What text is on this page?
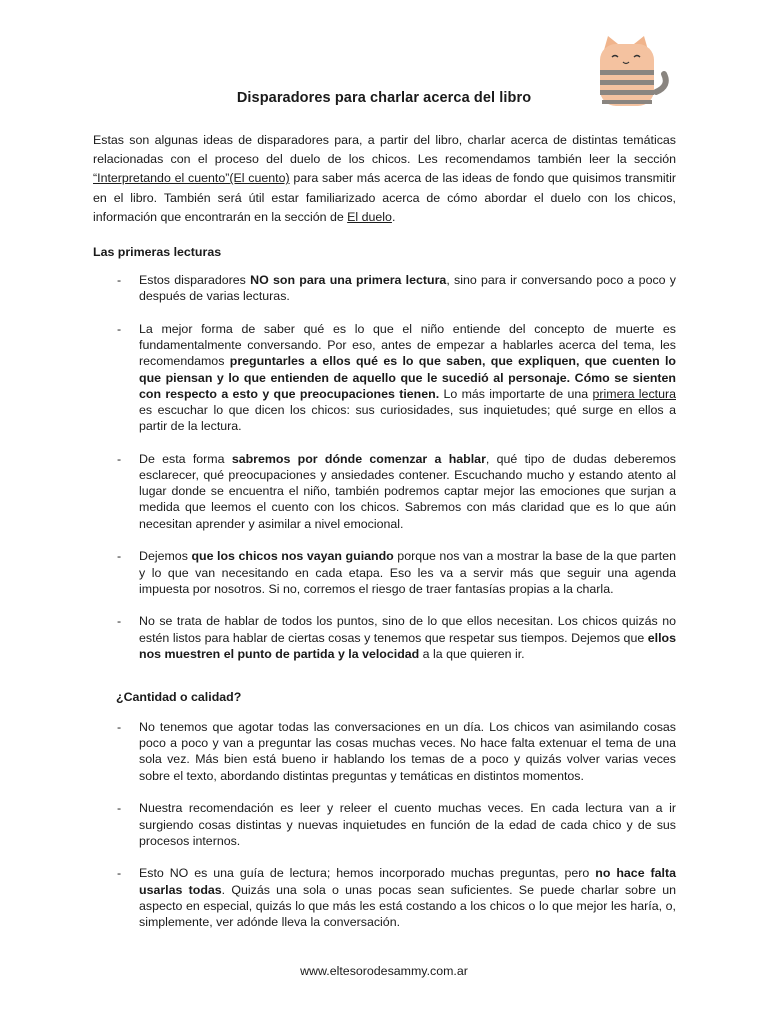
Disparadores para charlar acerca del libro

Estas son algunas ideas de disparadores para, a partir del libro, charlar acerca de distintas temáticas relacionadas con el proceso del duelo de los chicos. Les recomendamos también leer la sección “Interpretando el cuento”(El cuento) para saber más acerca de las ideas de fondo que quisimos transmitir en el libro. También será útil estar familiarizado acerca de cómo abordar el duelo con los chicos, información que encontrarán en la sección de El duelo.

Las primeras lecturas

- Estos disparadores NO son para una primera lectura, sino para ir conversando poco a poco y después de varias lecturas.
- La mejor forma de saber qué es lo que el niño entiende del concepto de muerte es fundamentalmente conversando. Por eso, antes de empezar a hablarles acerca del tema, les recomendamos preguntarles a ellos qué es lo que saben, que expliquen, que cuenten lo que piensan y lo que entienden de aquello que le sucedió al personaje. Cómo se sienten con respecto a esto y que preocupaciones tienen. Lo más importarte de una primera lectura es escuchar lo que dicen los chicos: sus curiosidades, sus inquietudes; qué surge en ellos a partir de la lectura.
- De esta forma sabremos por dónde comenzar a hablar, qué tipo de dudas deberemos esclarecer, qué preocupaciones y ansiedades contener. Escuchando mucho y estando atento al lugar donde se encuentra el niño, también podremos captar mejor las emociones que surjan a medida que leemos el cuento con los chicos. Sabremos con más claridad que es lo que aún necesitan aprender y asimilar a nivel emocional.
- Dejemos que los chicos nos vayan guiando porque nos van a mostrar la base de la que parten y lo que van necesitando en cada etapa. Eso les va a servir más que seguir una agenda impuesta por nosotros. Si no, corremos el riesgo de traer fantasías propias a la charla.
- No se trata de hablar de todos los puntos, sino de lo que ellos necesitan. Los chicos quizás no estén listos para hablar de ciertas cosas y tenemos que respetar sus tiempos. Dejemos que ellos nos muestren el punto de partida y la velocidad a la que quieren ir.

¿Cantidad o calidad?

- No tenemos que agotar todas las conversaciones en un día. Los chicos van asimilando cosas poco a poco y van a preguntar las cosas muchas veces. No hace falta extenuar el tema de una sola vez. Más bien está bueno ir hablando los temas de a poco y quizás volver varias veces sobre el texto, abordando distintas preguntas y temáticas en distintos momentos.
- Nuestra recomendación es leer y releer el cuento muchas veces. En cada lectura van a ir surgiendo cosas distintas y nuevas inquietudes en función de la edad de cada chico y de sus procesos internos.
- Esto NO es una guía de lectura; hemos incorporado muchas preguntas, pero no hace falta usarlas todas. Quizás una sola o unas pocas sean suficientes. Se puede charlar sobre un aspecto en especial, quizás lo que más les está costando a los chicos o lo que mejor les haría, o, simplemente, ver adónde lleva la conversación.
www.eltesorodesammy.com.ar
